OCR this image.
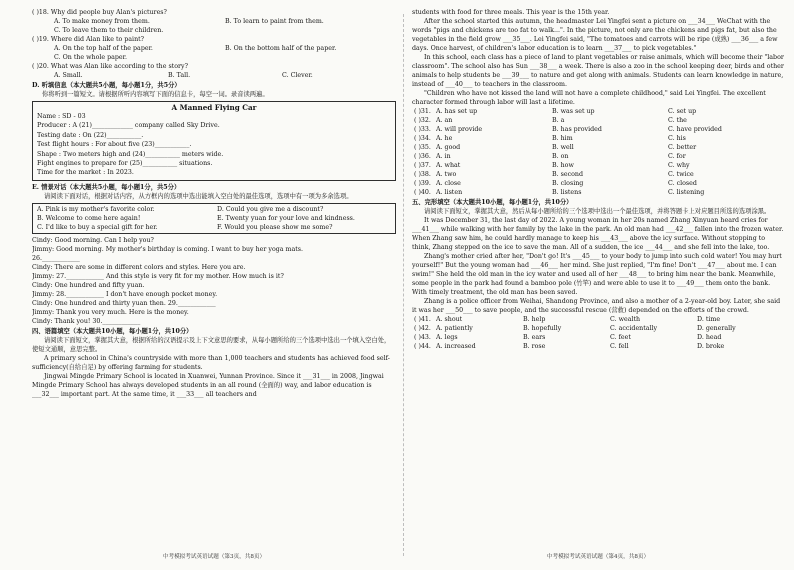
( )18. Why did people buy Alan's pictures?
A. To make money from them.	B. To learn to paint from them.
C. To leave them to their children.
( )19. Where did Alan like to paint?
A. On the top half of the paper.	B. On the bottom half of the paper.
C. On the whole paper.
( )20. What was Alan like according to the story?
A. Small.	B. Tall.	C. Clever.
D. 听填信息（本大题共5小题，每小题1分，共5分）
你将听到一篇短文。请根据所听内容填写下面的信息卡，每空一词。录音读两遍。
A Manned Flying Car
Name : SD - 03
Producer : A (21)_____________ company called Sky Drive.
Testing date : On (22)___________.
Test flight hours : For about five (23)___________.
Shape : Two meters high and (24)___________ meters wide.
Fight engines to prepare for (25)___________ situations.
Time for the market : In 2023.
E. 情景对话（本大题共5小题，每小题1分，共5分）
请阅读下面对话，根据对话内容，从方框内的选项中选出能填入空白处的最佳选项，选项中有一项为多余选项。
A. Pink is my mother's favorite color.	D. Could you give me a discount?
B. Welcome to come here again!	E. Twenty yuan for your love and kindness.
C. I'd like to buy a special gift for her.	F. Would you please show me some?
Cindy: Good morning. Can I help you?
Jimmy: Good morning. My mother's birthday is coming. I want to buy her yoga mats.
26.____________
Cindy: There are some in different colors and styles. Here you are.
Jimmy: 27.____________ And this style is very fit for my mother. How much is it?
Cindy: One hundred and fifty yuan.
Jimmy: 28.____________ I don't have enough pocket money.
Cindy: One hundred and thirty yuan then. 29.____________
Jimmy: Thank you very much. Here is the money.
Cindy: Thank you! 30.____________
四、语篇填空（本大题共10小题，每小题1分，共10分）
请阅读下面短文，掌握其大意，根据所给的汉语提示及上下文意思的要求，从每小题所给的三个选项中选出一个填入空白处，使短文通顺，意思完整。
A primary school in China's countryside with more than 1,000 teachers and students has achieved food self-sufficiency(自给自足) by offering farming for students.
Jingwai Mingde Primary School is located in Xuanwei, Yunnan Province. Since it ___31___ in 2008, Jingwai Mingde Primary School has always developed students in an all round (全面的) way, and labor education is ___32___ important part. At the same time, it ___33___ all teachers and
中考模拟考试英语试题（第3页，共8页）
students with food for three meals. This year is the 15th year.
After the school started this autumn, the headmaster Lei Yingfei sent a picture on ___34___ WeChat with the words "pigs and chickens are too fat to walk...". In the picture, not only are the chickens and pigs fat, but also the vegetables in the field grow ___35___. Lei Yingfei said, "The tomatoes and carrots will be ripe (成熟) ___36___ a few days. Once harvest, of children's labor education is to learn ___37___ to pick vegetables."
In this school, each class has a piece of land to plant vegetables or raise animals, which will become their "labor classroom". The school also has Sun ___38___ a week. There is also a zoo in the school keeping deer, birds and other animals to help students be ___39___ to nature and get along with animals. Students can learn knowledge in nature, instead of ___40___ to teachers in the classroom.
"Children who have not kissed the land will not have a complete childhood," said Lei Yingfei. The excellent character formed through labor will last a lifetime.
( )31. A. has set up	B. was set up	C. set up
( )32. A. an	B. a	C. the
( )33. A. will provide	B. has provided	C. have provided
( )34. A. he	B. him	C. his
( )35. A. good	B. well	C. better
( )36. A. in	B. on	C. for
( )37. A. what	B. how	C. why
( )38. A. two	B. second	C. twice
( )39. A. close	B. closing	C. closed
( )40. A. listen	B. listens	C. listening
五、完形填空（本大题共10小题，每小题1分，共10分）
请阅读下面短文，掌握其大意，然后从每小题所给的三个选项中选出一个最佳选项，并将答题卡上对应题目所选的选项涂黑。
It was December 31, the last day of 2022. A young woman in her 20s named Zhang Xinyuan heard cries for ___41___ while walking with her family by the lake in the park. An old man had ___42___ fallen into the frozen water. When Zhang saw him, he could hardly manage to keep his ___43___ above the icy surface. Without stopping to think, Zhang stepped on the ice to save the man. All of a sudden, the ice ___44___ and she fell into the lake, too.
Zhang's mother cried after her, "Don't go! It's ___45___ to your body to jump into such cold water! You may hurt yourself!" But the young woman had ___46___ her mind. She just replied, "I'm fine! Don't ___47___ about me. I can swim!" She held the old man in the icy water and used all of her ___48___ to bring him near the bank. Meanwhile, some people in the park had found a bamboo pole (竹竿) and were able to use it to ___49___ them onto the bank. With timely treatment, the old man has been saved.
Zhang is a police officer from Weihai, Shandong Province, and also a mother of a 2-year-old boy. Later, she said it was her ___50___ to save people, and the successful rescue (营救) depended on the efforts of the crowd.
( )41. A. shout	B. help	C. wealth	D. time
( )42. A. patiently	B. hopefully	C. accidentally	D. generally
( )43. A. legs	B. ears	C. feet	D. head
( )44. A. increased	B. rose	C. fell	D. broke
中考模拟考试英语试题（第4页，共8页）
